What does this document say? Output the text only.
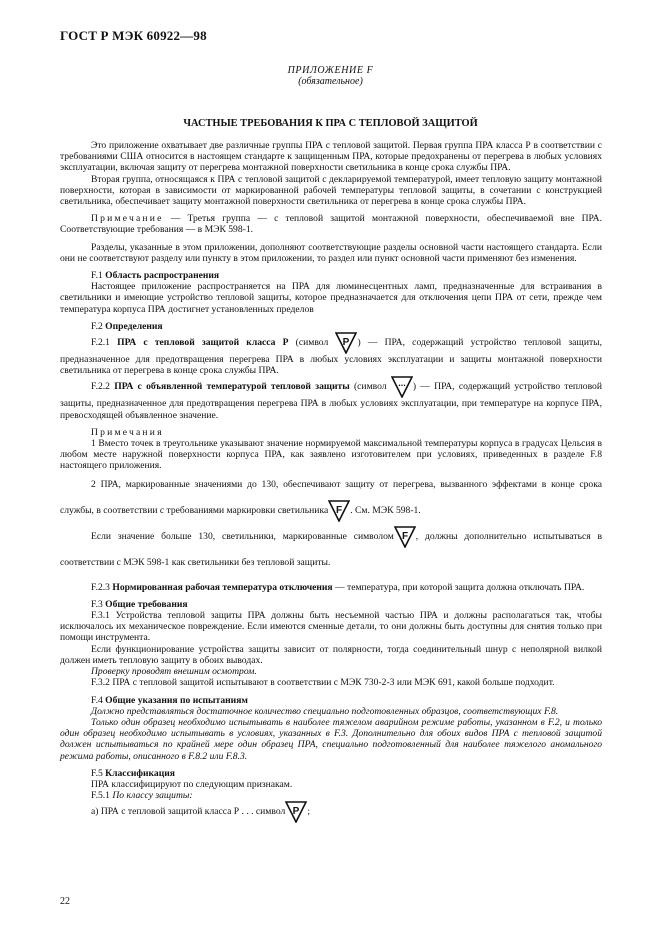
ГОСТ Р МЭК 60922—98
ПРИЛОЖЕНИЕ F
(обязательное)
ЧАСТНЫЕ ТРЕБОВАНИЯ К ПРА С ТЕПЛОВОЙ ЗАЩИТОЙ

Это приложение охватывает две различные группы ПРА с тепловой защитой. Первая группа ПРА класса Р в соответствии с требованиями США относится в настоящем стандарте к защищенным ПРА, которые предохранены от перегрева в любых условиях эксплуатации, включая защиту от перегрева монтажной поверхности светильника в конце срока службы ПРА.

Вторая группа, относящаяся к ПРА с тепловой защитой с декларируемой температурой, имеет тепловую защиту монтажной поверхности, которая в зависимости от маркированной рабочей температуры тепловой защиты, в сочетании с конструкцией светильника, обеспечивает защиту монтажной поверхности светильника от перегрева в конце срока службы ПРА.

Примечание — Третья группа — с тепловой защитой монтажной поверхности, обеспечиваемой вне ПРА. Соответствующие требования — в МЭК 598-1.

Разделы, указанные в этом приложении, дополняют соответствующие разделы основной части настоящего стандарта. Если они не соответствуют разделу или пункту в этом приложении, то раздел или пункт основной части применяют без изменения.

F.1 Область распространения

Настоящее приложение распространяется на ПРА для люминесцентных ламп, предназначенные для встраивания в светильники и имеющие устройство тепловой защиты, которое предназначается для отключения цепи ПРА от сети, прежде чем температура корпуса ПРА достигнет установленных пределов

F.2 Определения

F.2.1 ПРА с тепловой защитой класса Р (символ P ) — ПРА, содержащий устройство тепловой защиты, предназначенное для предотвращения перегрева ПРА в любых условиях эксплуатации и защиты монтажной поверхности светильника от перегрева в конце срока службы ПРА.

F.2.2 ПРА с объявленной температурой тепловой защиты (символ ... ) — ПРА, содержащий устройство тепловой защиты, предназначенное для предотвращения перегрева ПРА в любых условиях эксплуатации, при температуре на корпусе ПРА, превосходящей объявленное значение.

Примечания

1 Вместо точек в треугольнике указывают значение нормируемой максимальной температуры корпуса в градусах Цельсия в любом месте наружной поверхности корпуса ПРА, как заявлено изготовителем при условиях, приведенных в разделе F.8 настоящего приложения.

2 ПРА, маркированные значениями до 130, обеспечивают защиту от перегрева, вызванного эффектами в конце срока службы, в соответствии с требованиями маркировки светильника F . См. МЭК 598-1.

Если значение больше 130, светильники, маркированные символом F , должны дополнительно испытываться в соответствии с МЭК 598-1 как светильники без тепловой защиты.

F.2.3 Нормированная рабочая температура отключения — температура, при которой защита должна отключать ПРА.

F.3 Общие требования

F.3.1 Устройства тепловой защиты ПРА должны быть несъемной частью ПРА и должны располагаться так, чтобы исключалось их механическое повреждение. Если имеются сменные детали, то они должны быть доступны для снятия только при помощи инструмента.

Если функционирование устройства защиты зависит от полярности, тогда соединительный шнур с неполярной вилкой должен иметь тепловую защиту в обоих выводах.

Проверку проводят внешним осмотром.

F.3.2 ПРА с тепловой защитой испытывают в соответствии с МЭК 730-2-3 или МЭК 691, какой больше подходит.

F.4 Общие указания по испытаниям

Должно представляться достаточное количество специально подготовленных образцов, соответствующих F.8.

Только один образец необходимо испытывать в наиболее тяжелом аварийном режиме работы, указанном в F.2, и только один образец необходимо испытывать в условиях, указанных в F.3. Дополнительно для обоих видов ПРА с тепловой защитой должен испытываться по крайней мере один образец ПРА, специально подготовленный для наиболее тяжелого аномального режима работы, описанного в F.8.2 или F.8.3.

F.5 Классификация

ПРА классифицируют по следующим признакам.

F.5.1 По классу защиты:

а) ПРА с тепловой защитой класса Р . . . символ P ;

22
